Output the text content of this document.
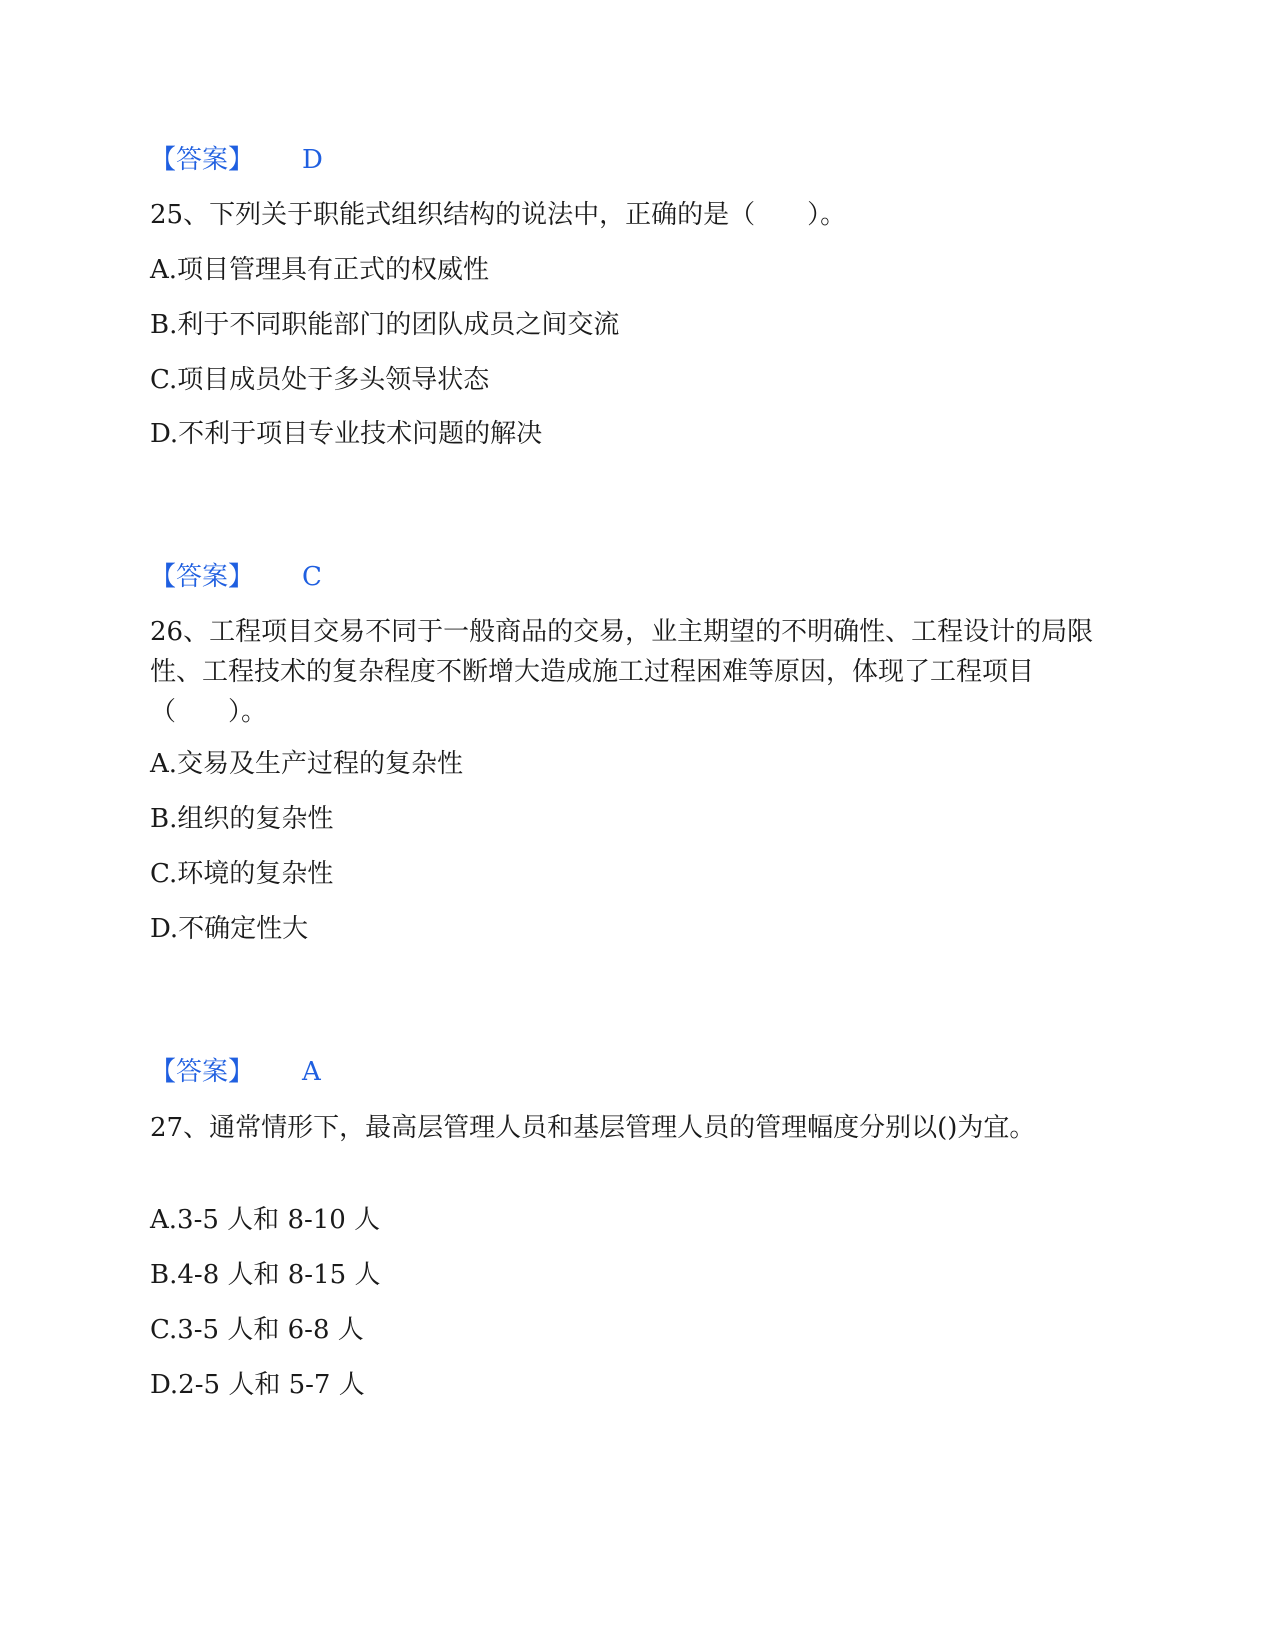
【答案】 D
25、下列关于职能式组织结构的说法中，正确的是（　　）。
A.项目管理具有正式的权威性
B.利于不同职能部门的团队成员之间交流
C.项目成员处于多头领导状态
D.不利于项目专业技术问题的解决
【答案】 C
26、工程项目交易不同于一般商品的交易，业主期望的不明确性、工程设计的局限性、工程技术的复杂程度不断增大造成施工过程困难等原因，体现了工程项目（　　）。
A.交易及生产过程的复杂性
B.组织的复杂性
C.环境的复杂性
D.不确定性大
【答案】 A
27、通常情形下，最高层管理人员和基层管理人员的管理幅度分别以()为宜。
A.3-5 人和 8-10 人
B.4-8 人和 8-15 人
C.3-5 人和 6-8 人
D.2-5 人和 5-7 人
